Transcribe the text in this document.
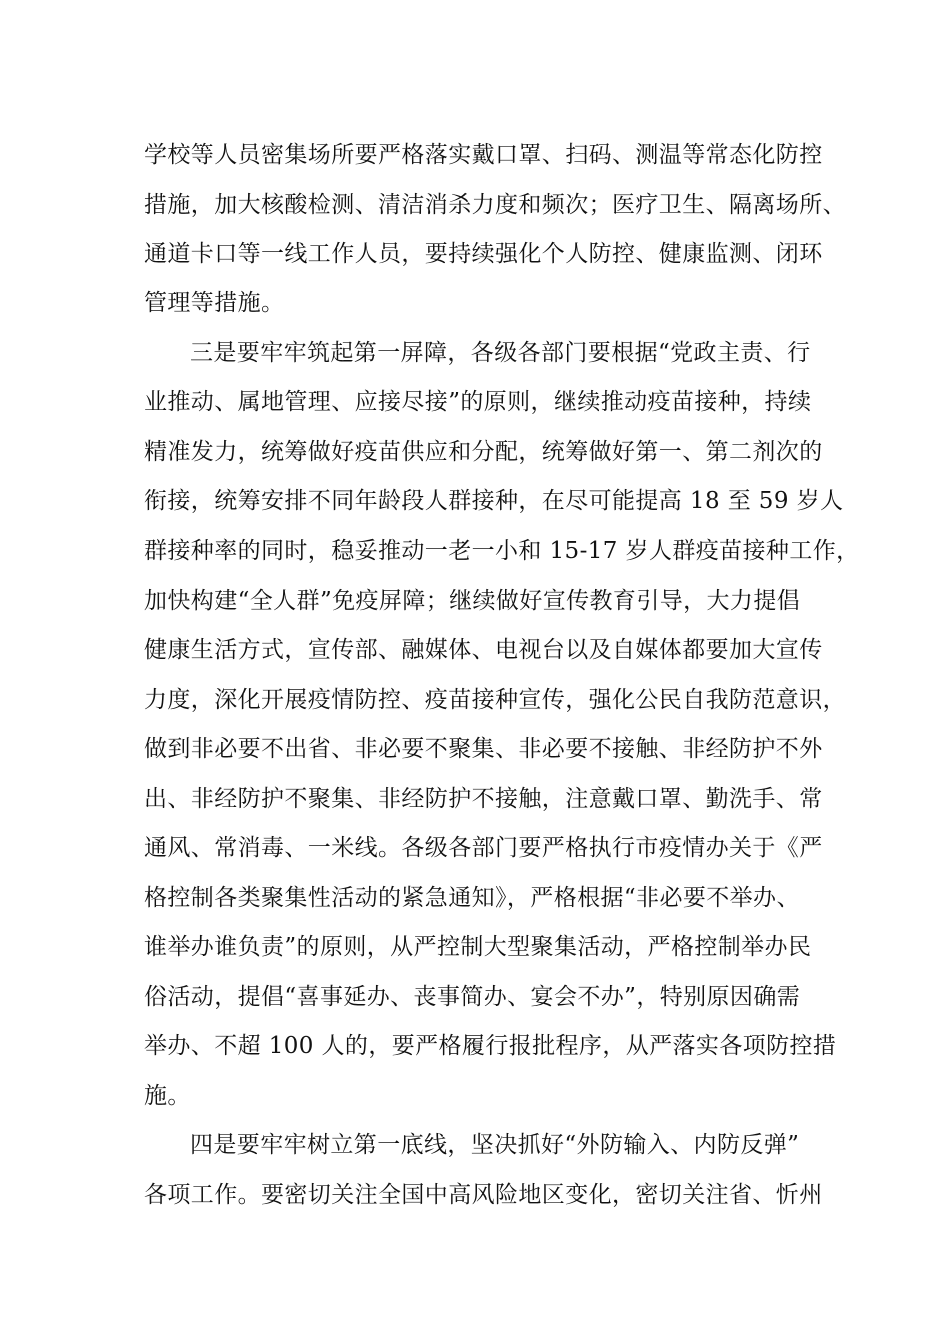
学校等人员密集场所要严格落实戴口罩、扫码、测温等常态化防控
措施，加大核酸检测、清洁消杀力度和频次；医疗卫生、隔离场所、
通道卡口等一线工作人员，要持续强化个人防控、健康监测、闭环
管理等措施。
三是要牢牢筑起第一屏障，各级各部门要根据“党政主责、行
业推动、属地管理、应接尽接”的原则，继续推动疫苗接种，持续
精准发力，统筹做好疫苗供应和分配，统筹做好第一、第二剂次的
衔接，统筹安排不同年龄段人群接种，在尽可能提高 18 至 59 岁人
群接种率的同时，稳妥推动一老一小和 15-17 岁人群疫苗接种工作，
加快构建“全人群”免疫屏障；继续做好宣传教育引导，大力提倡
健康生活方式，宣传部、融媒体、电视台以及自媒体都要加大宣传
力度，深化开展疫情防控、疫苗接种宣传，强化公民自我防范意识，
做到非必要不出省、非必要不聚集、非必要不接触、非经防护不外
出、非经防护不聚集、非经防护不接触，注意戴口罩、勤洗手、常
通风、常消毒、一米线。各级各部门要严格执行市疫情办关于《严
格控制各类聚集性活动的紧急通知》，严格根据“非必要不举办、
谁举办谁负责”的原则，从严控制大型聚集活动，严格控制举办民
俗活动，提倡“喜事延办、丧事简办、宴会不办”，特别原因确需
举办、不超 100 人的，要严格履行报批程序，从严落实各项防控措
施。
四是要牢牢树立第一底线，坚决抓好“外防输入、内防反弹”
各项工作。要密切关注全国中高风险地区变化，密切关注省、忻州
